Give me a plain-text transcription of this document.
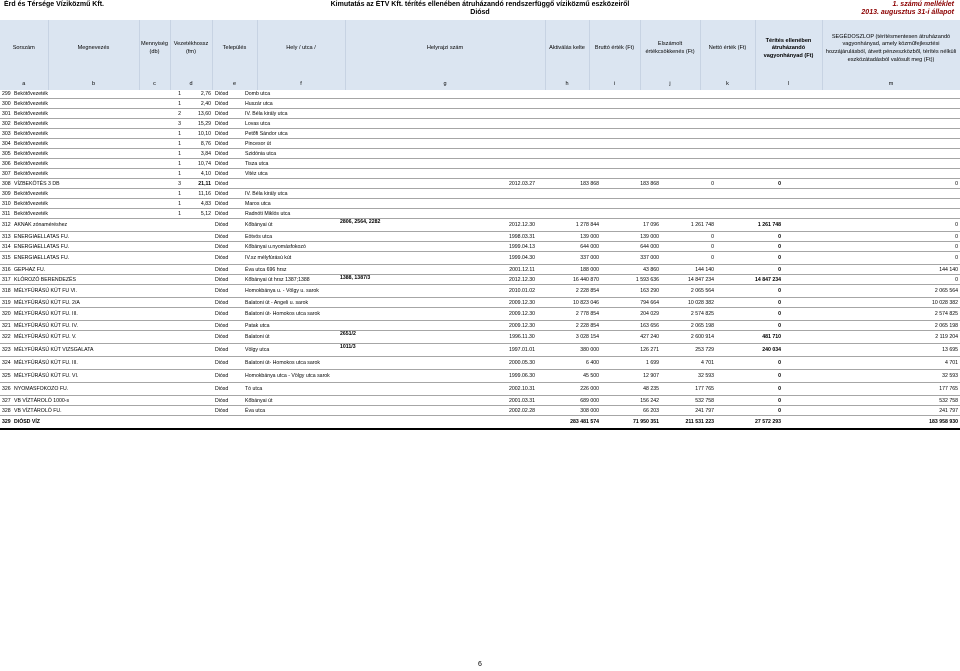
Érd és Térsége Víziközmű Kft.	Kimutatás az ÉTV Kft. térítés ellenében átruházandó rendszerfüggő víziközmű eszközeiről
Diósd
1. számú melléklet
2013. augusztus 31-i állapot
Sorszám	Megnevezés	Mennyiség (db)	Vezetékhossz (fm)	Település	Hely / utca /	Helyrajzi szám	Aktiválás kelte	Bruttó érték (Ft)	Elszámolt értékcsökkenés (Ft)	Nettó érték (Ft)	Térítés ellenében átruházandó vagyonhányad (Ft)	SEGÉDOSZLOP (térítésmentesen átruházandó vagyonhányad, amely közműfejlesztési hozzájárulásból, átvett pénzeszközből, térítés nélküli eszközátadásból valósult meg (Ft))
a	b	c	d	e	f	g	h	i	j	k	l	m
299	Bekötővezeték	1	2,76	Diósd	Domb utca							
300	Bekötővezeték	1	2,40	Diósd	Huszár utca							
301	Bekötővezeték	2	13,60	Diósd	IV. Béla király utca							
302	Bekötővezeték	3	15,29	Diósd	Lovas utca							
303	Bekötővezeték	1	10,10	Diósd	Petőfi Sándor utca							
304	Bekötővezeték	1	8,76	Diósd	Pincesor út							
305	Bekötővezeték	1	3,84	Diósd	Szidónia utca							
306	Bekötővezeték	1	10,74	Diósd	Tisza utca							
307	Bekötővezeték	1	4,10	Diósd	Vitéz utca							
308	VÍZBEKÖTÉS 3 DB	3	21,11	Diósd			2012.03.27	183 868	183 868	0	0	0
309	Bekötővezeték	1	11,16	Diósd	IV. Béla király utca							
310	Bekötővezeték	1	4,83	Diósd	Maros utca							
311	Bekötővezeték	1	5,12	Diósd	Radnóti Miklós utca							
312	AKNAK zónaméréshez			Diósd	Kőbányai út	2806, 2564, 2282	2012.12.30	1 278 844	17 096	1 261 748	1 261 748	0
313	ENERGIAELLATAS FU.			Diósd	Eötvös utca		1998.03.31	139 000	139 000	0	0	0
314	ENERGIAELLATAS FU.			Diósd	Kőbányai u.nyomásfokozó		1999.04.13	644 000	644 000	0	0	0
315	ENERGIAELLATAS FU.			Diósd	IV.sz mélyfúrású kút		1999.04.30	337 000	337 000	0	0	0
316	GEPHAZ FU.			Diósd	Éva utca 696 hrsz		2001.12.11	188 000	43 860	144 140	0	144 140
317	KLÓROZÓ BERENDEZÉS			Diósd	Kőbányai út hrsz 1387;1388	1388, 1387/3	2012.12.30	16 440 870	1 593 636	14 847 234	14 847 234	0
318	MÉLYFÚRÁSÚ KÚT FU VI.			Diósd	Homokbánya u. - Völgy u. sarok		2010.01.02	2 228 854	163 290	2 065 564	0	2 065 564
319	MÉLYFÚRÁSÚ KÚT FU. 2/A			Diósd	Balatoni út - Angeli u. sarok		2009.12.30	10 823 046	794 664	10 028 382	0	10 028 382
320	MÉLYFÚRÁSÚ KÚT FU. III.			Diósd	Balatoni út- Homokos utca sarok		2009.12.30	2 778 854	204 029	2 574 825	0	2 574 825
321	MÉLYFÚRÁSÚ KÚT FU. IV.			Diósd	Patak utca		2009.12.30	2 228 854	163 656	2 065 198	0	2 065 198
322	MÉLYFÚRÁSÚ KÚT FU. V.			Diósd	Balatoni út	2651/2	1996.11.30	3 028 154	427 240	2 600 914	481 710	2 119 204
323	MÉLYFÚRÁSÚ KÚT VIZSGALATA			Diósd	Völgy utca	1011/3	1997.01.01	380 000	126 271	253 729	240 034	13 695
324	MÉLYFÚRÁSÚ KÚT FU. III.			Diósd	Balatoni út- Homokos utca sarok		2000.05.30	6 400	1 699	4 701	0	4 701
325	MÉLYFÚRÁSÚ KÚT FU. VI.			Diósd	Homokbánya utca - Völgy utca sarok		1999.06.30	45 500	12 907	32 593	0	32 593
326	NYOMASFOKOZO FU.			Diósd	Tó utca		2002.10.31	226 000	48 235	177 765	0	177 765
327	VB VÍZTÁROLÓ 1000-s			Diósd	Kőbányai út		2001.03.31	689 000	156 242	532 758	0	532 758
328	VB VÍZTÁROLÓ FU.			Diósd	Éva utca		2002.02.28	308 000	66 203	241 797	0	241 797
329	DIÓSD VÍZ							283 481 574	71 950 351	211 531 223	27 572 293	183 958 930
6
